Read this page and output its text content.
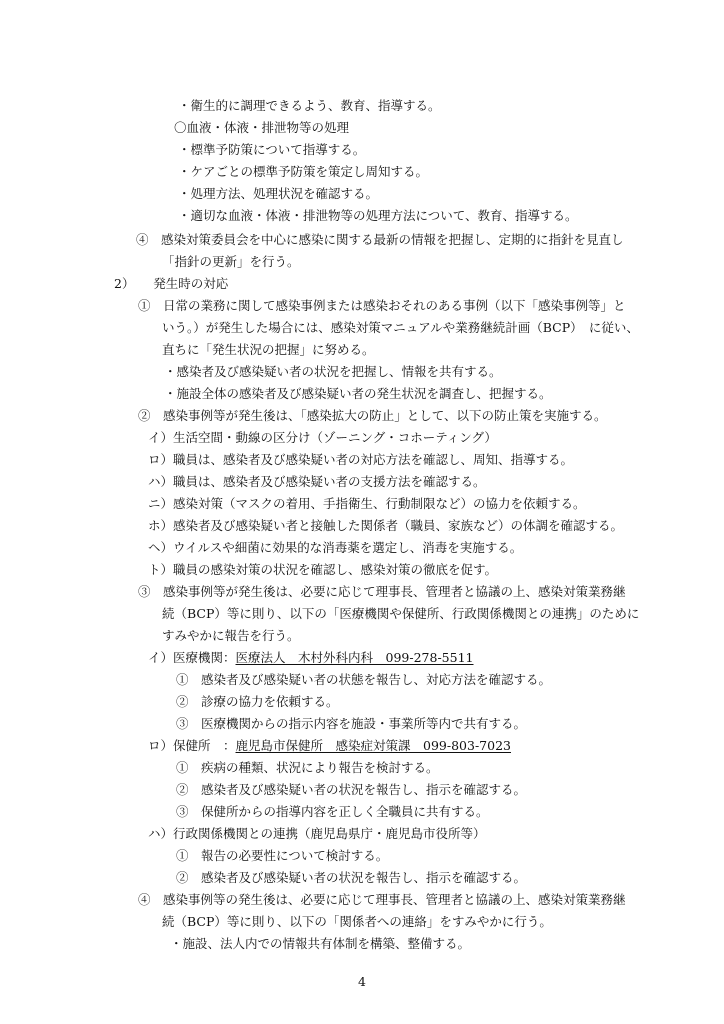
・衛生的に調理できるよう、教育、指導する。
〇血液・体液・排泄物等の処理
・標準予防策について指導する。
・ケアごとの標準予防策を策定し周知する。
・処理方法、処理状況を確認する。
・適切な血液・体液・排泄物等の処理方法について、教育、指導する。
④　感染対策委員会を中心に感染に関する最新の情報を把握し、定期的に指針を見直し
「指針の更新」を行う。
2）　　発生時の対応
①　日常の業務に関して感染事例または感染おそれのある事例（以下「感染事例等」と
いう。）が発生した場合には、感染対策マニュアルや業務継続計画（BCP）　に従い、
直ちに「発生状況の把握」に努める。
・感染者及び感染疑い者の状況を把握し、情報を共有する。
・施設全体の感染者及び感染疑い者の発生状況を調査し、把握する。
②　感染事例等が発生後は、「感染拡大の防止」として、以下の防止策を実施する。
イ）生活空間・動線の区分け（ゾーニング・コホーティング）
ロ）職員は、感染者及び感染疑い者の対応方法を確認し、周知、指導する。
ハ）職員は、感染者及び感染疑い者の支援方法を確認する。
ニ）感染対策（マスクの着用、手指衛生、行動制限など）の協力を依頼する。
ホ）感染者及び感染疑い者と接触した関係者（職員、家族など）の体調を確認する。
ヘ）ウイルスや細菌に効果的な消毒薬を選定し、消毒を実施する。
ト）職員の感染対策の状況を確認し、感染対策の徹底を促す。
③　感染事例等が発生後は、必要に応じて理事長、管理者と協議の上、感染対策業務継
続（BCP）等に則り、以下の「医療機関や保健所、行政関係機関との連携」のために
すみやかに報告を行う。
イ）医療機関：医療法人　木村外科内科　099-278-5511
①　感染者及び感染疑い者の状態を報告し、対応方法を確認する。
②　診療の協力を依頼する。
③　医療機関からの指示内容を施設・事業所等内で共有する。
ロ）保健所　：鹿児島市保健所　感染症対策課　099-803-7023
①　疾病の種類、状況により報告を検討する。
②　感染者及び感染疑い者の状況を報告し、指示を確認する。
③　保健所からの指導内容を正しく全職員に共有する。
ハ）行政関係機関との連携（鹿児島県庁・鹿児島市役所等）
①　報告の必要性について検討する。
②　感染者及び感染疑い者の状況を報告し、指示を確認する。
④　感染事例等の発生後は、必要に応じて理事長、管理者と協議の上、感染対策業務継
続（BCP）等に則り、以下の「関係者への連絡」をすみやかに行う。
・施設、法人内での情報共有体制を構築、整備する。
4
